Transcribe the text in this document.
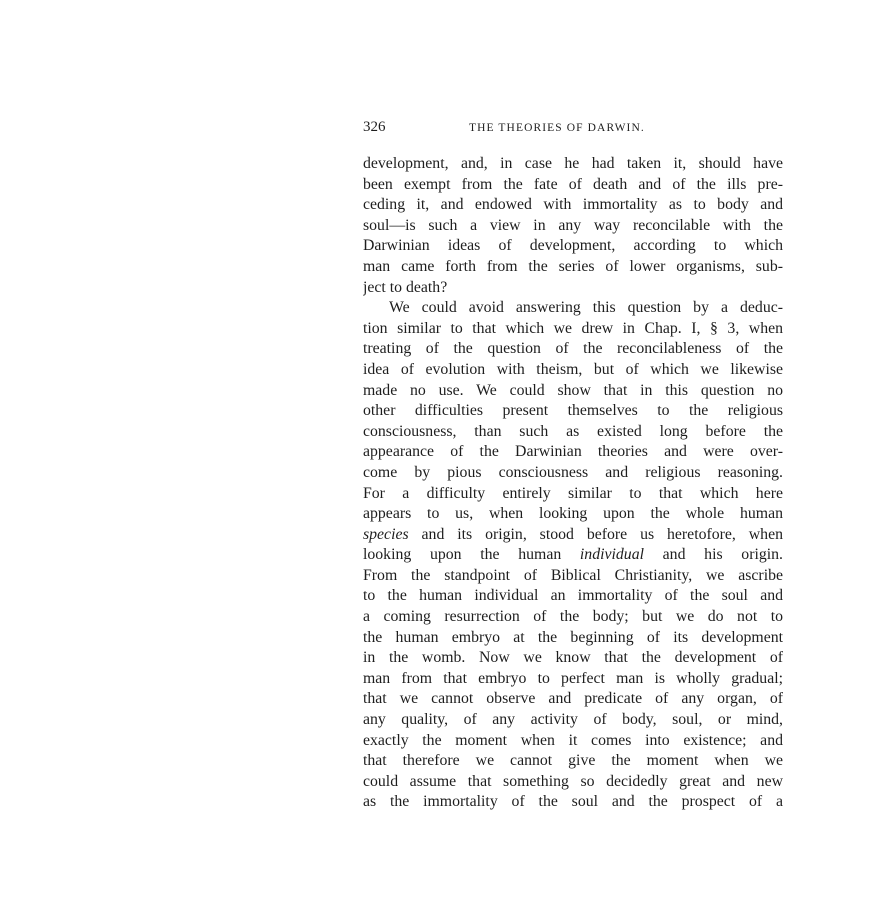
326	THE THEORIES OF DARWIN.
development, and, in case he had taken it, should have
been exempt from the fate of death and of the ills pre-
ceding it, and endowed with immortality as to body and
soul—is such a view in any way reconcilable with the
Darwinian ideas of development, according to which
man came forth from the series of lower organisms, sub-
ject to death?
We could avoid answering this question by a deduc-
tion similar to that which we drew in Chap. I, § 3, when
treating of the question of the reconcilableness of the
idea of evolution with theism, but of which we likewise
made no use. We could show that in this question no
other difficulties present themselves to the religious
consciousness, than such as existed long before the
appearance of the Darwinian theories and were over-
come by pious consciousness and religious reasoning.
For a difficulty entirely similar to that which here
appears to us, when looking upon the whole human
species and its origin, stood before us heretofore, when
looking upon the human individual and his origin.
From the standpoint of Biblical Christianity, we ascribe
to the human individual an immortality of the soul and
a coming resurrection of the body; but we do not to
the human embryo at the beginning of its development
in the womb. Now we know that the development of
man from that embryo to perfect man is wholly gradual;
that we cannot observe and predicate of any organ, of
any quality, of any activity of body, soul, or mind,
exactly the moment when it comes into existence; and
that therefore we cannot give the moment when we
could assume that something so decidedly great and new
as the immortality of the soul and the prospect of a
